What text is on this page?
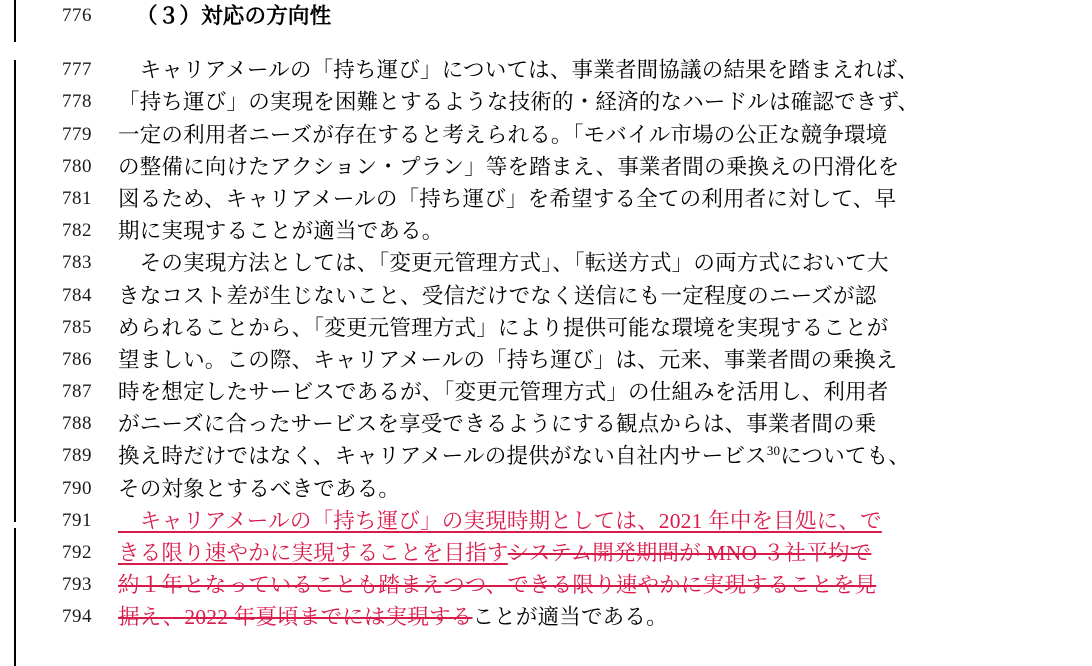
776	（３）対応の方向性
777	　キャリアメールの「持ち運び」については、事業者間協議の結果を踏まえれば、
778	「持ち運び」の実現を困難とするような技術的・経済的なハードルは確認できず、
779	一定の利用者ニーズが存在すると考えられる。「モバイル市場の公正な競争環境
780	の整備に向けたアクション・プラン」等を踏まえ、事業者間の乗換えの円滑化を
781	図るため、キャリアメールの「持ち運び」を希望する全ての利用者に対して、早
782	期に実現することが適当である。
783	　その実現方法としては、「変更元管理方式」、「転送方式」の両方式において大
784	きなコスト差が生じないこと、受信だけでなく送信にも一定程度のニーズが認
785	められることから、「変更元管理方式」により提供可能な環境を実現することが
786	望ましい。この際、キャリアメールの「持ち運び」は、元来、事業者間の乗換え
787	時を想定したサービスであるが、「変更元管理方式」の仕組みを活用し、利用者
788	がニーズに合ったサービスを享受できるようにする観点からは、事業者間の乗
789	換え時だけではなく、キャリアメールの提供がない自社内サービス$^{30}$についても、
790	その対象とするべきである。
791	　キャリアメールの「持ち運び」の実現時期としては、2021 年中を目処に、で
792	きる限り速やかに実現することを目指すシステム開発期間が MNO ３社平均で
793	約１年となっていることも踏まえつつ、できる限り速やかに実現することを見
794	据え、2022 年夏頃までには実現することが適当である。
